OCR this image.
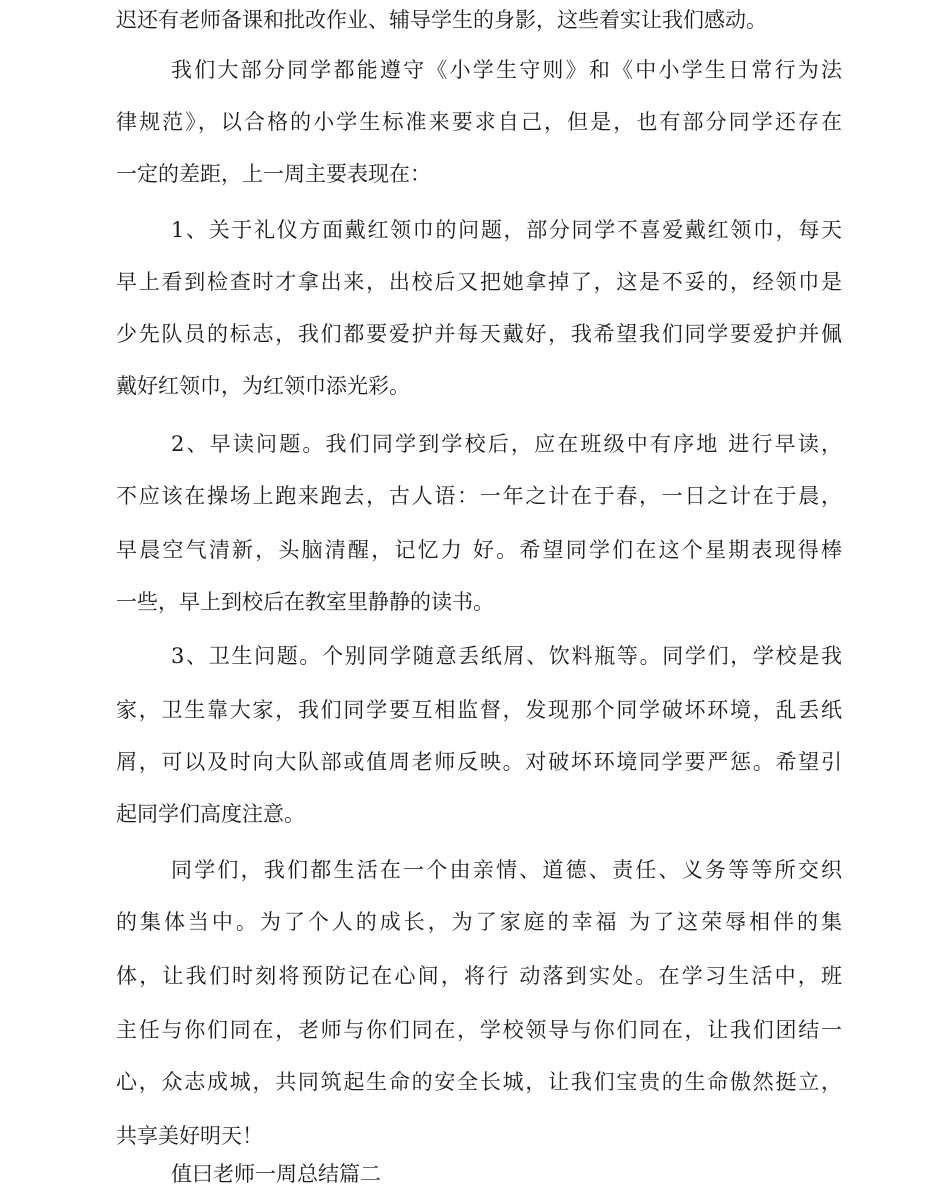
迟还有老师备课和批改作业、辅导学生的身影，这些着实让我们感动。
我们大部分同学都能遵守《小学生守则》和《中小学生日常行为法
律规范》，以合格的小学生标准来要求自己，但是，也有部分同学还存在
一定的差距，上一周主要表现在：
1、关于礼仪方面戴红领巾的问题，部分同学不喜爱戴红领巾，每天
早上看到检查时才拿出来，出校后又把她拿掉了，这是不妥的，经领巾是
少先队员的标志，我们都要爱护并每天戴好，我希望我们同学要爱护并佩
戴好红领巾，为红领巾添光彩。
2、早读问题。我们同学到学校后，应在班级中有序地 进行早读，
不应该在操场上跑来跑去，古人语：一年之计在于春，一日之计在于晨，
早晨空气清新，头脑清醒，记忆力 好。希望同学们在这个星期表现得棒
一些，早上到校后在教室里静静的读书。
3、卫生问题。个别同学随意丢纸屑、饮料瓶等。同学们，学校是我
家，卫生靠大家，我们同学要互相监督，发现那个同学破坏环境，乱丢纸
屑，可以及时向大队部或值周老师反映。对破坏环境同学要严惩。希望引
起同学们高度注意。
同学们，我们都生活在一个由亲情、道德、责任、义务等等所交织
的集体当中。为了个人的成长，为了家庭的幸福 为了这荣辱相伴的集
体，让我们时刻将预防记在心间，将行 动落到实处。在学习生活中，班
主任与你们同在，老师与你们同在，学校领导与你们同在，让我们团结一
心，众志成城，共同筑起生命的安全长城，让我们宝贵的生命傲然挺立，
共享美好明天！
值曰老师一周总结篇二
